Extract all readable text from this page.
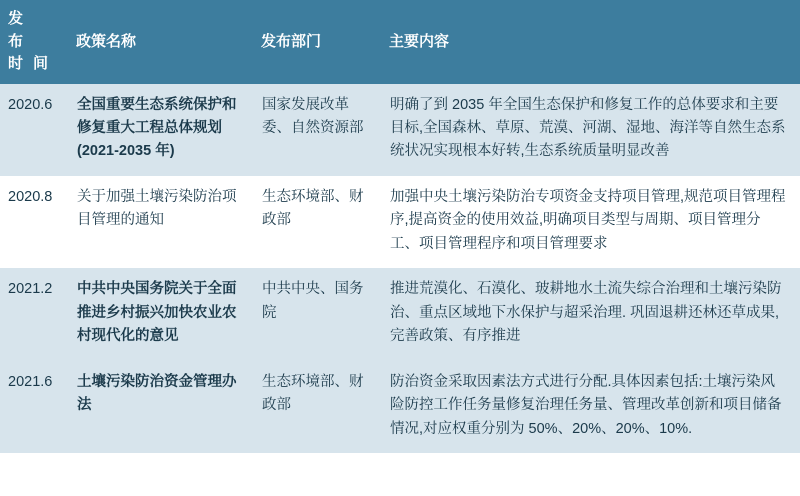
发 布
时间	政策名称	发布部门	主要内容
2020.6	全国重要生态系统保护和修复重大工程总体规划(2021-2035 年)	国家发展改革委、自然资源部	明确了到 2035 年全国生态保护和修复工作的总体要求和主要目标,全国森林、草原、荒漠、河湖、湿地、海洋等自然生态系统状况实现根本好转,生态系统质量明显改善
2020.8	关于加强土壤污染防治项目管理的通知	生态环境部、财政部	加强中央土壤污染防治专项资金支持项目管理,规范项目管理程序,提高资金的使用效益,明确项目类型与周期、项目管理分工、项目管理程序和项目管理要求
2021.2	中共中央国务院关于全面推进乡村振兴加快农业农村现代化的意见	中共中央、国务院	推进荒漠化、石漠化、玻耕地水土流失综合治理和土壤污染防治、重点区域地下水保护与超采治理. 巩固退耕还林还草成果,完善政策、有序推进
2021.6	土壤污染防治资金管理办法	生态环境部、财政部	防治资金采取因素法方式进行分配.具体因素包括:土壤污染风险防控工作任务量修复治理任务量、管理改革创新和项目储备情况,对应权重分别为 50%、20%、20%、10%.
